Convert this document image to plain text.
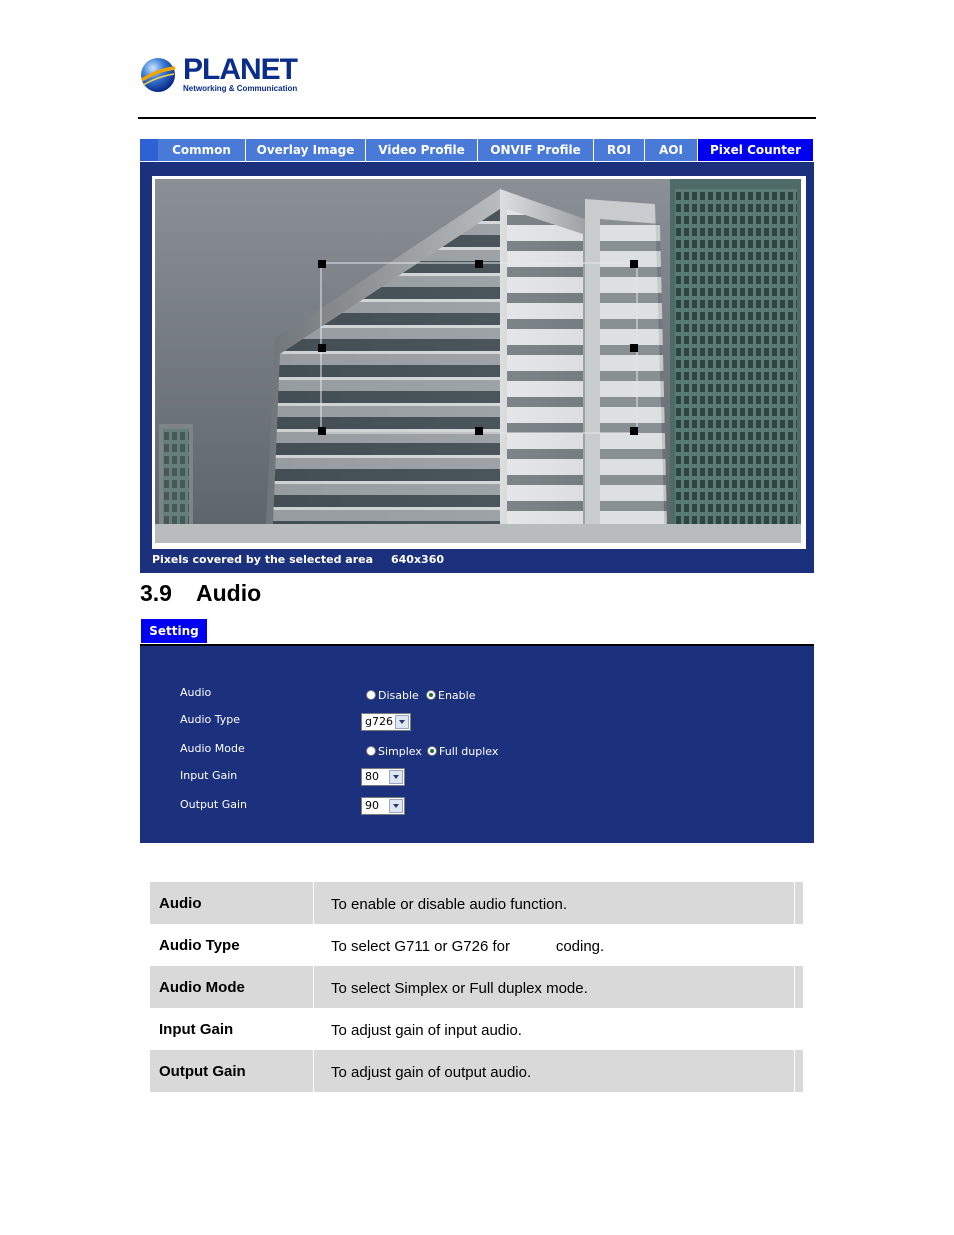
PLANET
Networking & Communication
Common	Overlay Image	Video Profile	ONVIF Profile	ROI	AOI	Pixel Counter
Pixels covered by the selected area 640x360
3.9 Audio
Setting
Audio	Disable	Enable
Audio Type	g726
Audio Mode	Simplex	Full duplex
Input Gain	80
Output Gain	90
Audio	To enable or disable audio function.
Audio Type	To select G711 or G726 for           coding.
Audio Mode	To select Simplex or Full duplex mode.
Input Gain	To adjust gain of input audio.
Output Gain	To adjust gain of output audio.
